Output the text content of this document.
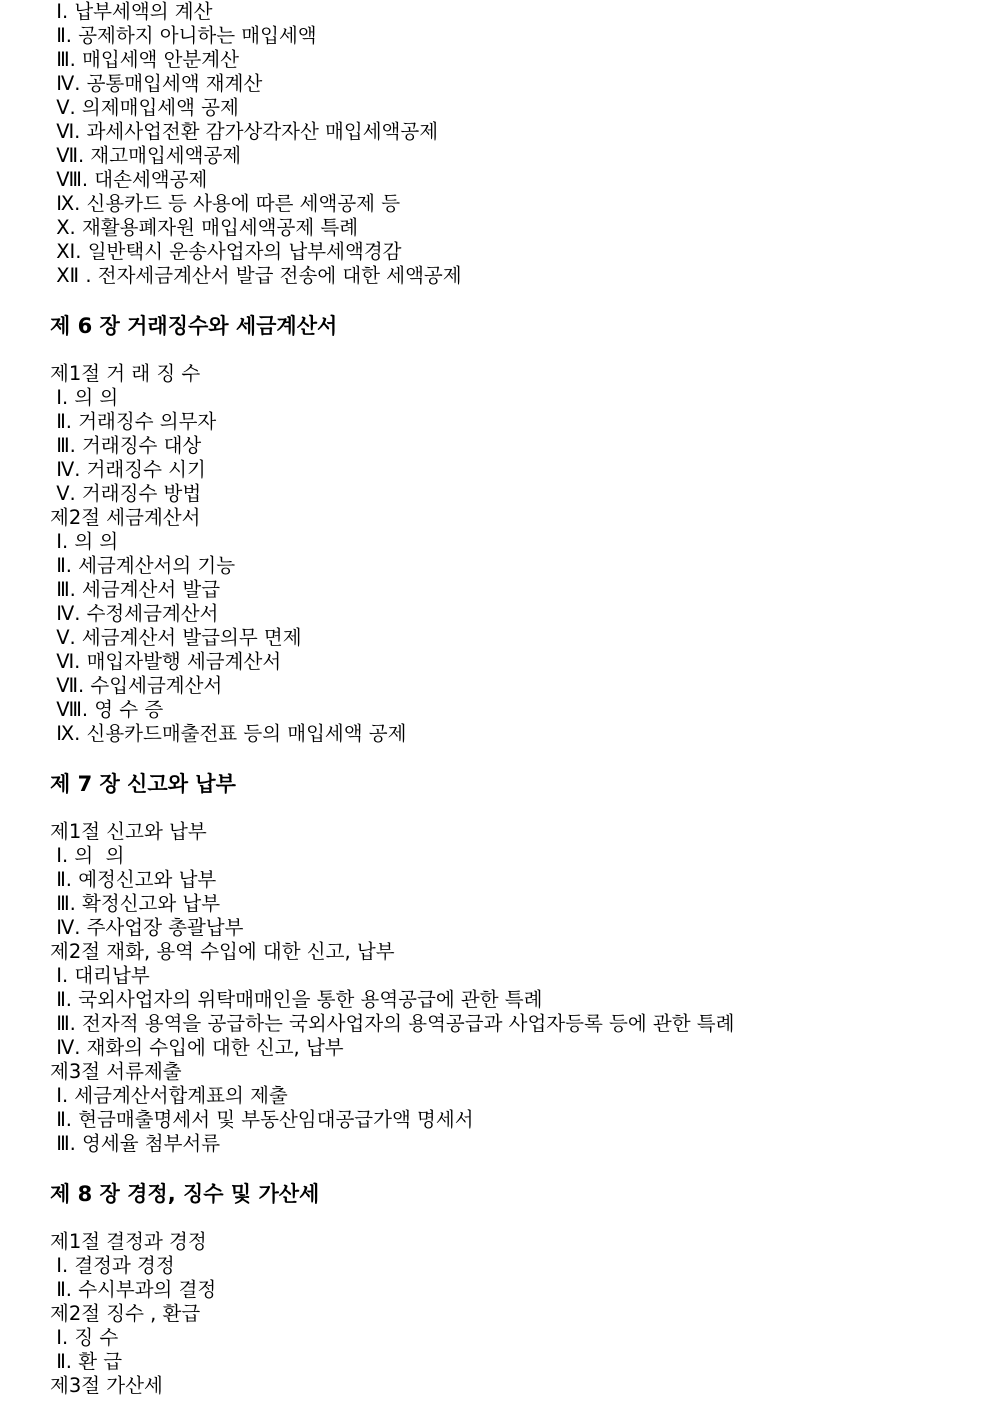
Ⅰ. 납부세액의 계산
Ⅱ. 공제하지 아니하는 매입세액
Ⅲ. 매입세액 안분계산
Ⅳ. 공통매입세액 재계산
Ⅴ. 의제매입세액 공제
Ⅵ. 과세사업전환 감가상각자산 매입세액공제
Ⅶ. 재고매입세액공제
Ⅷ. 대손세액공제
Ⅸ. 신용카드 등 사용에 따른 세액공제 등
Ⅹ. 재활용폐자원 매입세액공제 특례
ⅩⅠ. 일반택시 운송사업자의 납부세액경감
ⅩⅡ . 전자세금계산서 발급 전송에 대한 세액공제
제 6 장 거래징수와 세금계산서
제1절 거 래 징 수
Ⅰ. 의 의
Ⅱ. 거래징수 의무자
Ⅲ. 거래징수 대상
Ⅳ. 거래징수 시기
Ⅴ. 거래징수 방법
제2절 세금계산서
Ⅰ. 의 의
Ⅱ. 세금계산서의 기능
Ⅲ. 세금계산서 발급
Ⅳ. 수정세금계산서
Ⅴ. 세금계산서 발급의무 면제
Ⅵ. 매입자발행 세금계산서
Ⅶ. 수입세금계산서
Ⅷ. 영 수 증
Ⅸ. 신용카드매출전표 등의 매입세액 공제
제 7 장 신고와 납부
제1절 신고와 납부
Ⅰ. 의  의
Ⅱ. 예정신고와 납부
Ⅲ. 확정신고와 납부
Ⅳ. 주사업장 총괄납부
제2절 재화, 용역 수입에 대한 신고, 납부
Ⅰ. 대리납부
Ⅱ. 국외사업자의 위탁매매인을 통한 용역공급에 관한 특례
Ⅲ. 전자적 용역을 공급하는 국외사업자의 용역공급과 사업자등록 등에 관한 특례
Ⅳ. 재화의 수입에 대한 신고, 납부
제3절 서류제출
Ⅰ. 세금계산서합계표의 제출
Ⅱ. 현금매출명세서 및 부동산임대공급가액 명세서
Ⅲ. 영세율 첨부서류
제 8 장 경정, 징수 및 가산세
제1절 결정과 경정
Ⅰ. 결정과 경정
Ⅱ. 수시부과의 결정
제2절 징수 , 환급
Ⅰ. 징 수
Ⅱ. 환 급
제3절 가산세
